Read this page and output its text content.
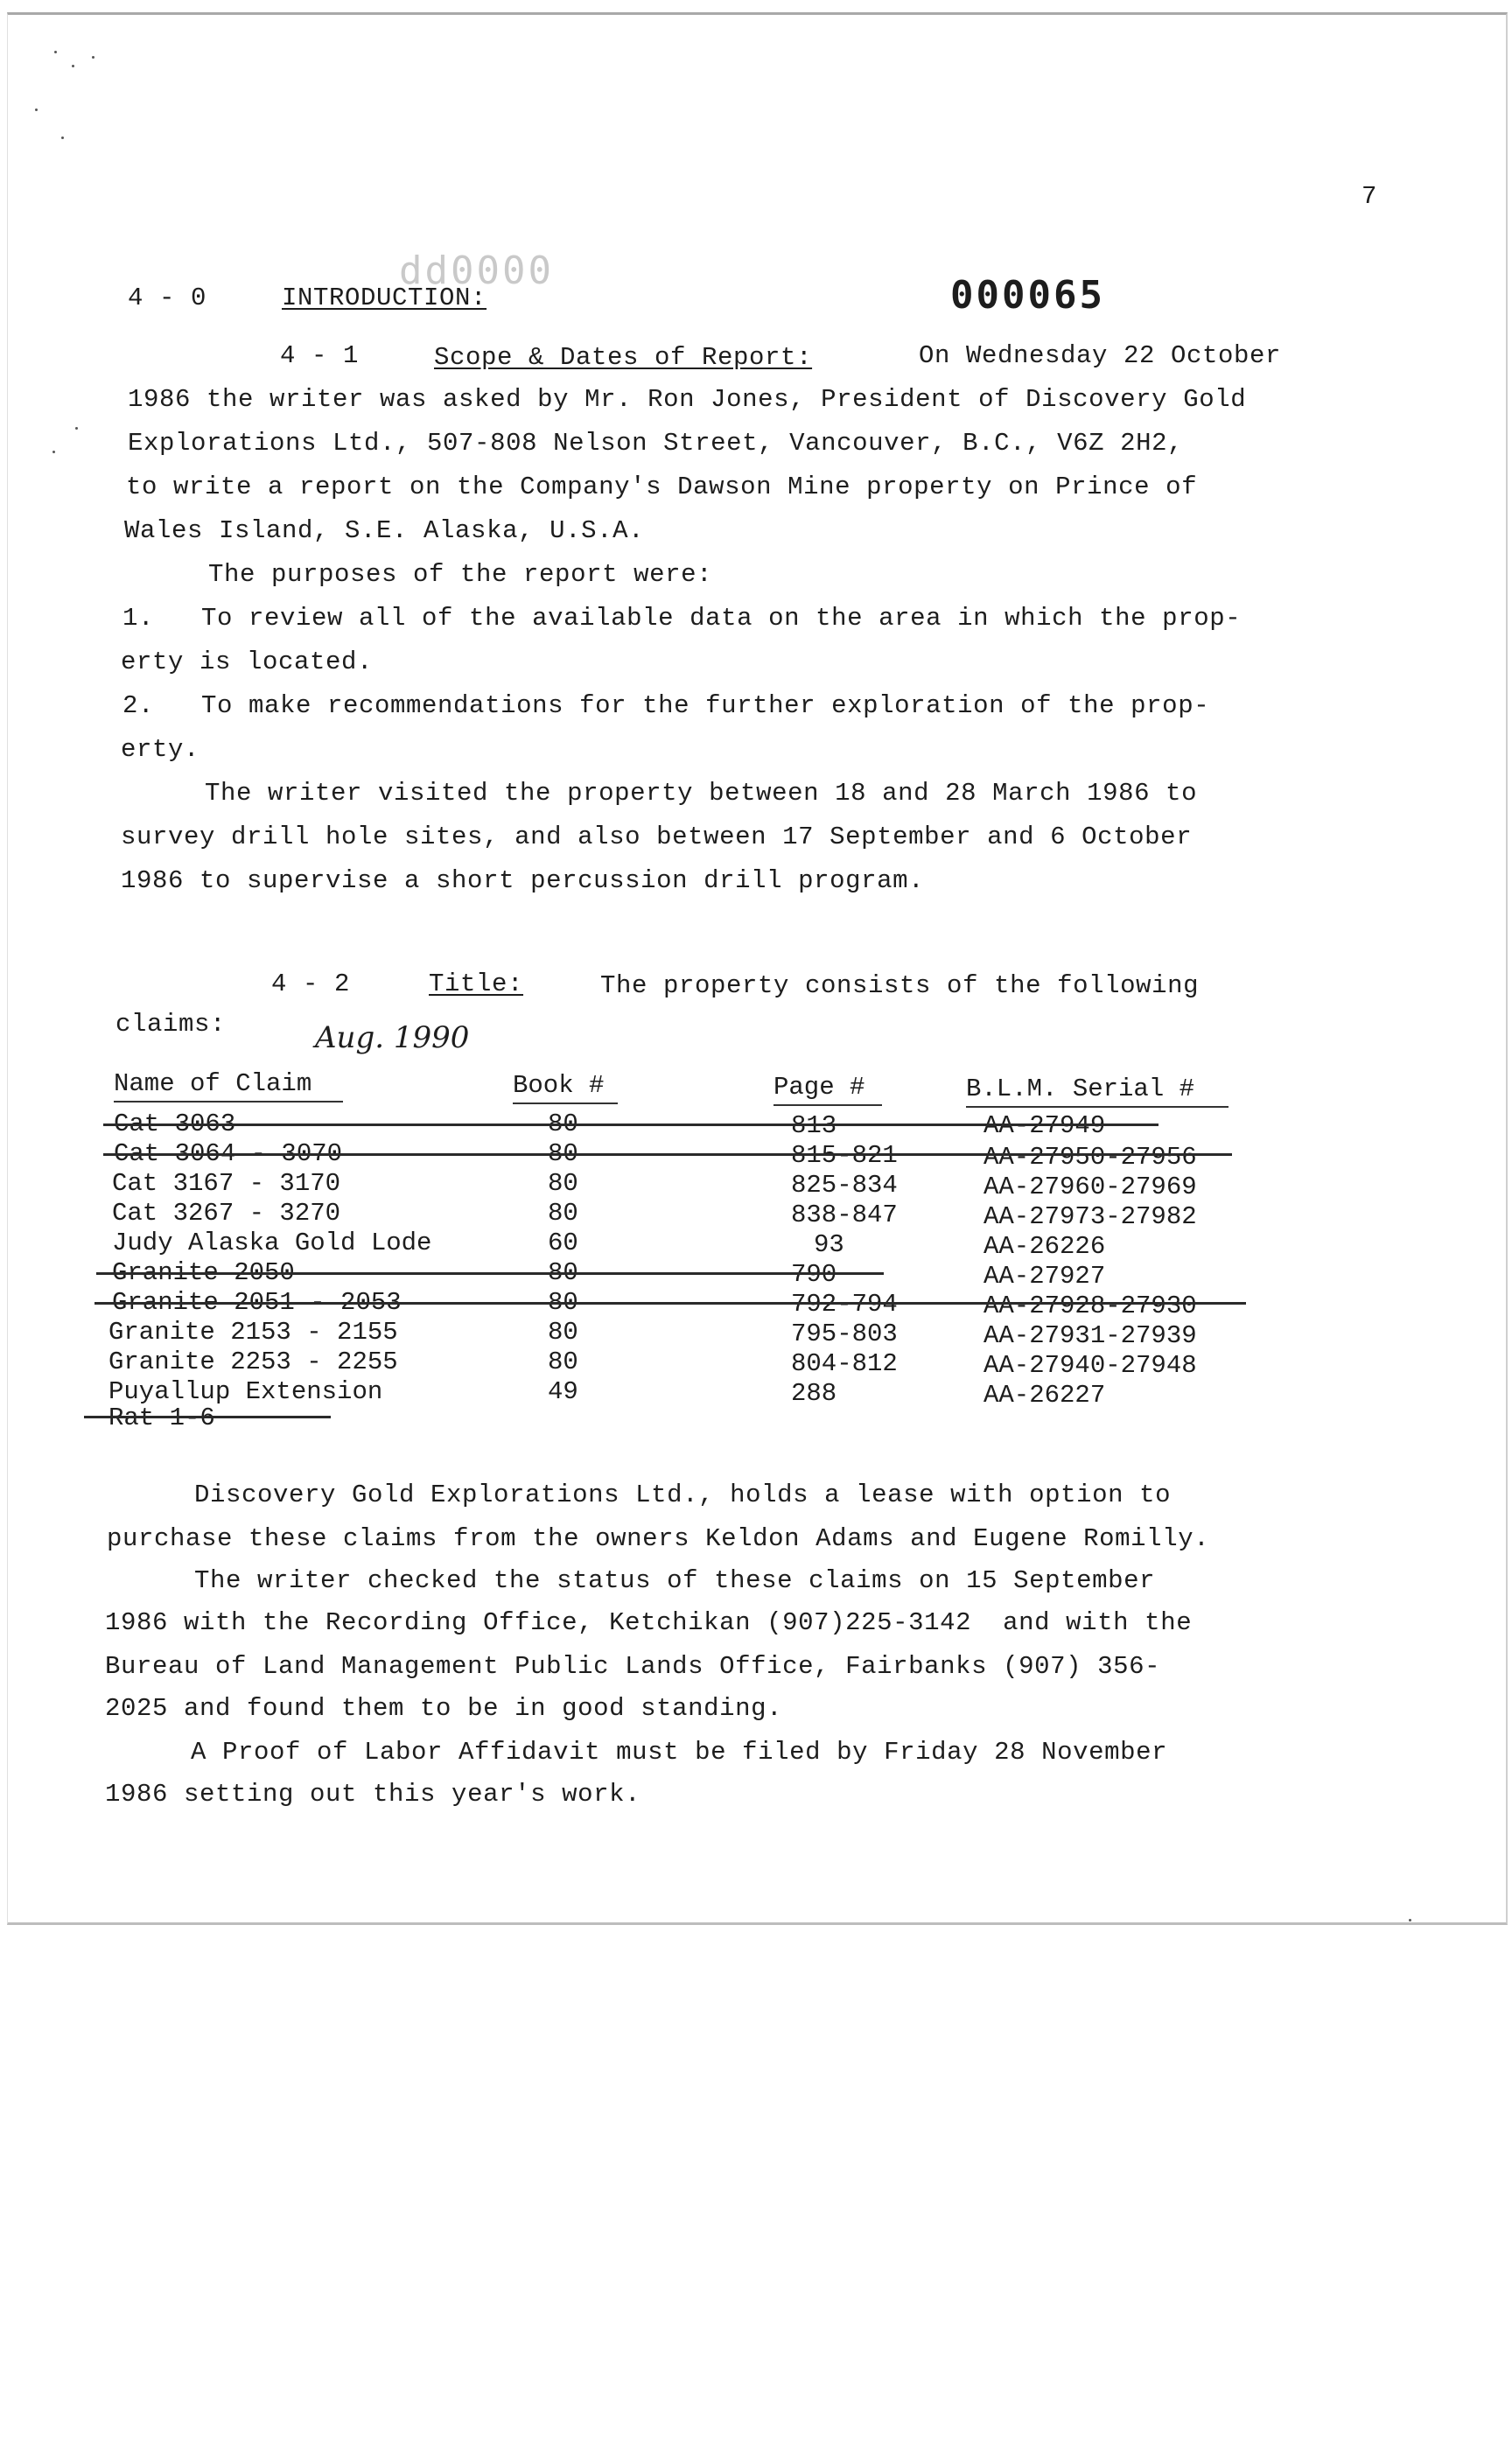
7
dd0000
000065
4 - 0	INTRODUCTION:
4 - 1	Scope & Dates of Report:	On Wednesday 22 October
1986 the writer was asked by Mr. Ron Jones, President of Discovery Gold
Explorations Ltd., 507-808 Nelson Street, Vancouver, B.C., V6Z 2H2,
to write a report on the Company's Dawson Mine property on Prince of
Wales Island, S.E. Alaska, U.S.A.
The purposes of the report were:
1.   To review all of the available data on the area in which the prop-
erty is located.
2.   To make recommendations for the further exploration of the prop-
erty.
The writer visited the property between 18 and 28 March 1986 to
survey drill hole sites, and also between 17 September and 6 October
1986 to supervise a short percussion drill program.
4 - 2	Title:	The property consists of the following
claims:	Aug. 1990
Name of Claim	Book #	Page #	B.L.M. Serial #
Cat 3063	80	813	AA-27949
Cat 3064 - 3070	80	815-821	AA-27950-27956
Cat 3167 - 3170	80	825-834	AA-27960-27969
Cat 3267 - 3270	80	838-847	AA-27973-27982
Judy Alaska Gold Lode	60	93	AA-26226
Granite 2050	80	790	AA-27927
Granite 2051 - 2053	80	792-794	AA-27928-27930
Granite 2153 - 2155	80	795-803	AA-27931-27939
Granite 2253 - 2255	80	804-812	AA-27940-27948
Puyallup Extension	49	288	AA-26227
Rat 1-6
Discovery Gold Explorations Ltd., holds a lease with option to
purchase these claims from the owners Keldon Adams and Eugene Romilly.
The writer checked the status of these claims on 15 September
1986 with the Recording Office, Ketchikan (907)225-3142  and with the
Bureau of Land Management Public Lands Office, Fairbanks (907) 356-
2025 and found them to be in good standing.
A Proof of Labor Affidavit must be filed by Friday 28 November
1986 setting out this year's work.
